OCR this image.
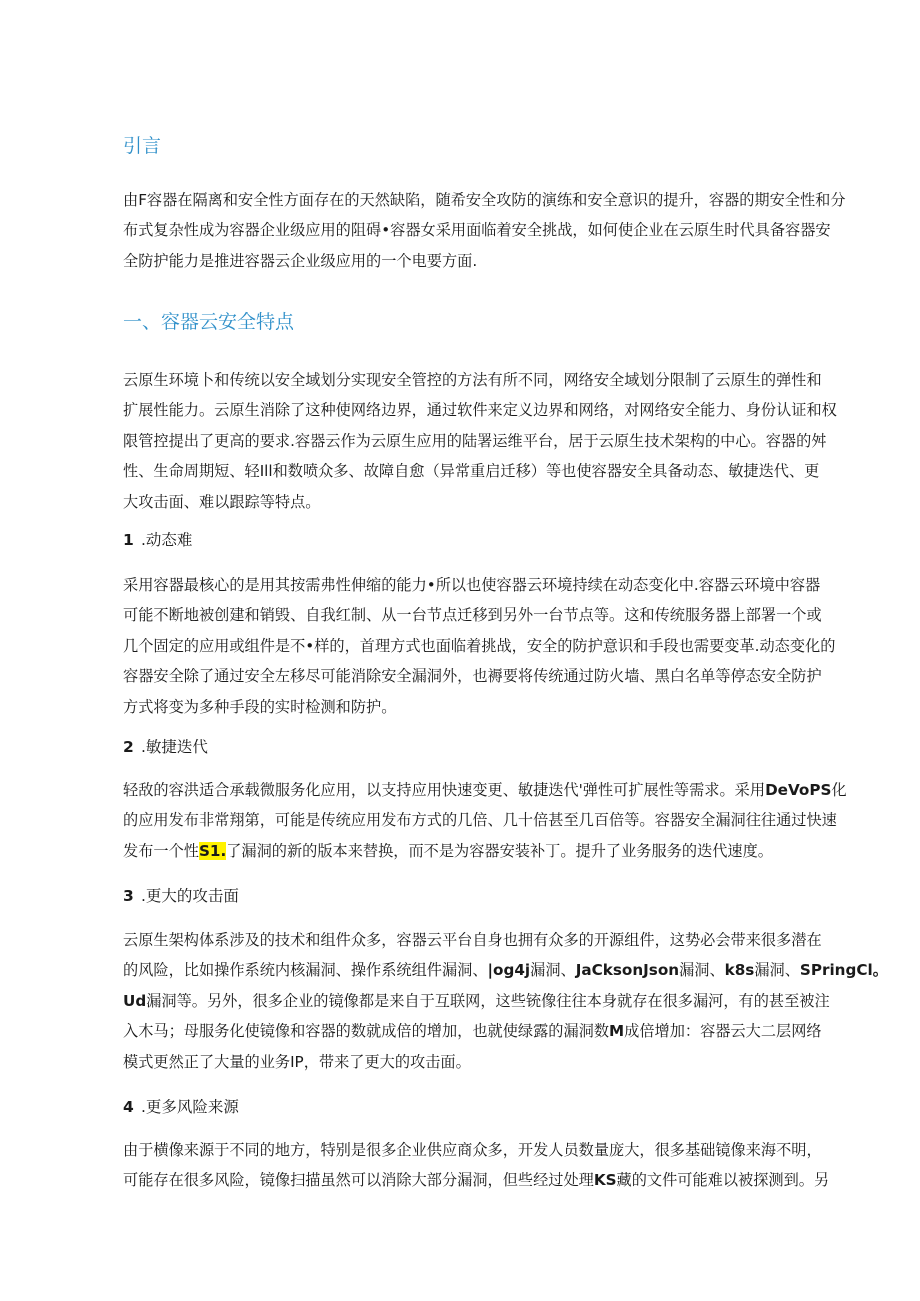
引言

由F容器在隔离和安全性方面存在的天然缺陷，随希安全攻防的演练和安全意识的提升，容器的期安全性和分
布式复杂性成为容器企业级应用的阻碍•容器女采用面临着安全挑战，如何使企业在云原生时代具备容器安
全防护能力是推进容器云企业级应用的一个电要方面.

一、容器云安全特点

云原生环境卜和传统以安全域划分实现安全管控的方法有所不同，网络安全域划分限制了云原生的弹性和
扩展性能力。云原生消除了这种使网络边界，通过软件来定义边界和网络，对网络安全能力、身份认证和权
限管控提出了更高的要求.容器云作为云原生应用的陆署运维平台，居于云原生技术架构的中心。容器的舛
性、生命周期短、轻Ill和数喷众多、故障自愈（异常重启迁移）等也使容器安全具备动态、敏捷迭代、更
大攻击面、难以跟踪等特点。

1 .动态难

采用容器最核心的是用其按需弗性伸缩的能力•所以也使容器云环境持续在动态变化中.容器云环境中容器
可能不断地被创建和销毁、自我红制、从一台节点迁移到另外一台节点等。这和传统服务器上部署一个或
几个固定的应用或组件是不•样的，首理方式也面临着挑战，安全的防护意识和手段也需要变革.动态变化的
容器安全除了通过安全左移尽可能消除安全漏洞外，也褥要将传统通过防火墙、黑白名单等停态安全防护
方式将变为多种手段的实时检测和防护。

2 .敏捷迭代

轻敌的容洪适合承载微服务化应用，以支持应用快速变更、敏捷迭代'弹性可扩展性等需求。采用DeVoPS化
的应用发布非常翔第，可能是传统应用发布方式的几倍、几十倍甚至几百倍等。容器安全漏洞往往通过快速
发布一个性S1.了漏洞的新的版本来替换，而不是为容器安装补丁。提升了业务服务的迭代速度。

3 .更大的攻击面

云原生架构体系涉及的技术和组件众多，容器云平台自身也拥有众多的开源组件，这势必会带来很多潜在
的风险，比如操作系统内核漏洞、操作系统组件漏洞、|og4j漏洞、JaCksonJson漏洞、k8s漏洞、SPringCl。
Ud漏洞等。另外，很多企业的镜像都是来自于互联网，这些铳像往往本身就存在很多漏河，有的甚至被注
入木马；母服务化使镜像和容器的数就成倍的增加，也就使绿露的漏洞数M成倍增加：容器云大二层网络
模式更然正了大量的业务IP，带来了更大的攻击面。

4 .更多风险来源

由于横像来源于不同的地方，特别是很多企业供应商众多，开发人员数量庞大，很多基础镜像来海不明，
可能存在很多风险，镜像扫描虽然可以消除大部分漏洞，但些经过处理KS藏的文件可能难以被探测到。另
